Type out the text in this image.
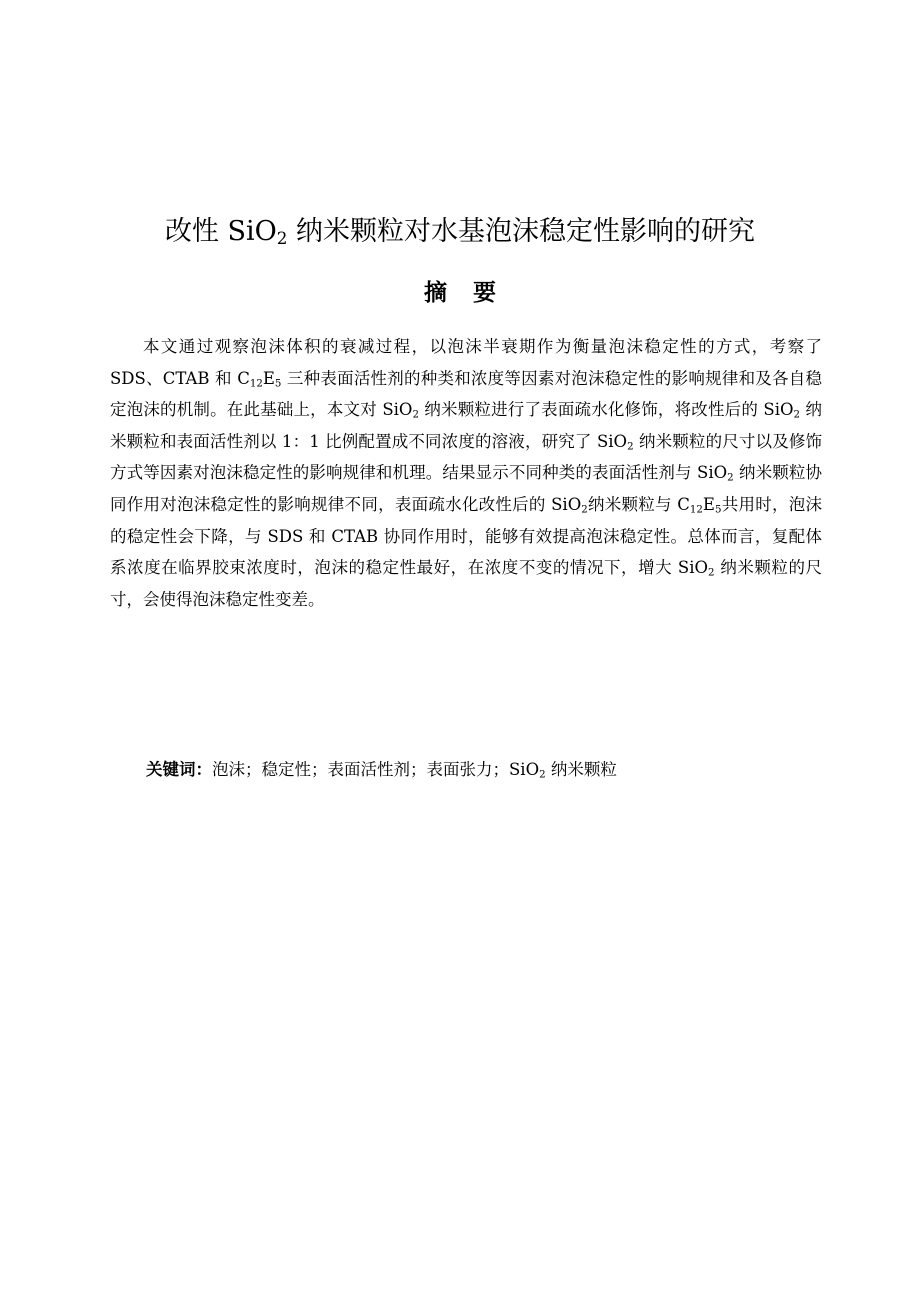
改性 SiO$_2$ 纳米颗粒对水基泡沫稳定性影响的研究
摘 要

本文通过观察泡沫体积的衰减过程，以泡沫半衰期作为衡量泡沫稳定性的方式，考察了 SDS、CTAB 和 $C_{12}E_5$ 三种表面活性剂的种类和浓度等因素对泡沫稳定性的影响规律和及各自稳定泡沫的机制。在此基础上，本文对 SiO$_2$ 纳米颗粒进行了表面疏水化修饰，将改性后的 SiO$_2$ 纳米颗粒和表面活性剂以 1：1 比例配置成不同浓度的溶液，研究了 SiO$_2$ 纳米颗粒的尺寸以及修饰方式等因素对泡沫稳定性的影响规律和机理。结果显示不同种类的表面活性剂与 SiO$_2$ 纳米颗粒协同作用对泡沫稳定性的影响规律不同，表面疏水化改性后的 SiO$_2$纳米颗粒与 $C_{12}E_5$共用时，泡沫的稳定性会下降，与 SDS 和 CTAB 协同作用时，能够有效提高泡沫稳定性。总体而言，复配体系浓度在临界胶束浓度时，泡沫的稳定性最好，在浓度不变的情况下，增大 SiO$_2$ 纳米颗粒的尺寸，会使得泡沫稳定性变差。

关键词：泡沫；稳定性；表面活性剂；表面张力；SiO$_2$ 纳米颗粒
